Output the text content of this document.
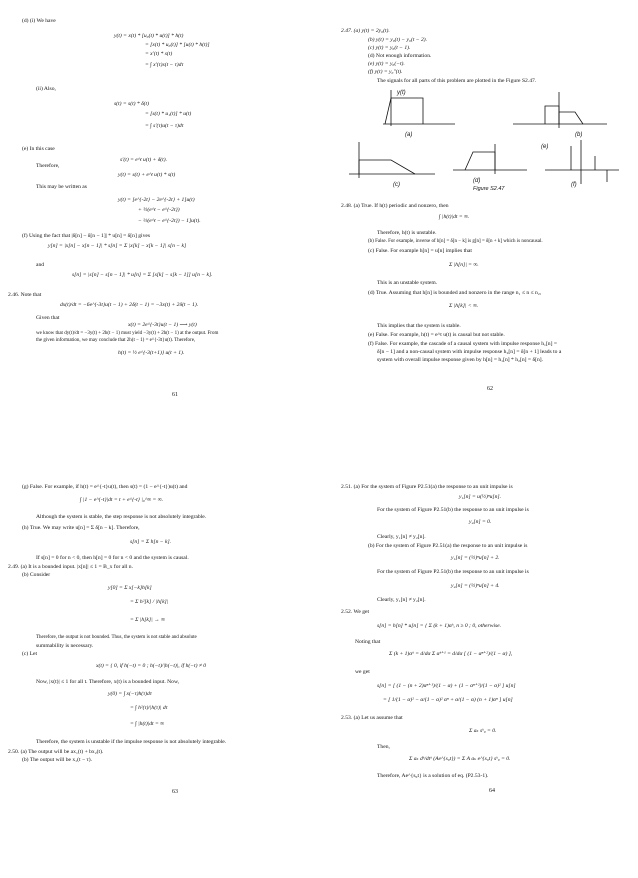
(d) (i) We have
y(t) = x(t) * [u₀(t) * u(t)] * h(t)
= [x(t) * u₀(t)] * [u(t) * h(t)]
= x′(t) * s(t)
= ∫ x′(τ)s(t − τ)dτ
(ii) Also,
s(t) = s(t) * δ(t)
= [s(t) * u₁(t)] * u(t)
= ∫ s′(τ)u(t − τ)dτ
(e) In this case
s′(t) = e^t u(t) + δ(t).
Therefore,
y(t) = s(t) + e^t u(t) * s(t)
This may be written as
y(t) = [e^{-2t} − 2e^{-2t} + 1]u(t)
+ ½(e^t − e^{-2t})
− ⅔(e^t − e^{-2t}) − 1]u(t).
(f) Using the fact that |δ[n] − δ[n − 1]| * u[n] = δ[n] gives
y[n] = |x[n] − x[n − 1]| * s[n] = Σ |x[k] − x[k − 1]| s[n − k]
and
s[n] = |s[n] − s[n − 1]| * u[n] = Σ [s[k] − s[k − 1]] u[n − k].
2.46. Note that
dx(t)/dt = −6e^{-3t}u(t − 1) + 2δ(t − 1) = −3x(t) + 2δ(t − 1).
Given that
x(t) = 2e^{-3t}u(t − 1) ⟶ y(t)
we know that dy(t)/dt = −3y(t) + 2h(t − 1) must yield −3y(t) + 2h(t − 1) at the output. From
the given information, we may conclude that 2h(t − 1) = e^{-3t}u(t). Therefore,
h(t) = ½ e^{-3(t+1)} u(t + 1).
61
2.47. (a) y(t) = 2y₀(t).
(b) y(t) = y₀(t) − y₀(t − 2).
(c) y(t) = y₀(t − 1).
(d) Not enough information.
(e) y(t) = y₀(−t).
(f) y(t) = y₀″(t).
The signals for all parts of this problem are plotted in the Figure S2.47.
y(t)
(a)	(b)
(c)
(d)
Figure S2.47
(f)
(e)
2.48. (a) True. If h(t) periodic and nonzero, then
∫ |h(t)|dt = ∞.
Therefore, h(t) is unstable.
(b) False. For example, inverse of h[n] = δ[n − k] is g[n] = δ[n + k] which is noncausal.
(c) False. For example h[n] = u[n] implies that
Σ |h[n]| = ∞.
This is an unstable system.
(d) True. Assuming that h[n] is bounded and nonzero in the range n₁ ≤ n ≤ n₂,
Σ |h[k]| < ∞.
This implies that the system is stable.
(e) False. For example, h(t) = e^t u(t) is causal but not stable.
(f) False. For example, the cascade of a causal system with impulse response h₁[n] =
δ[n − 1] and a non-causal system with impulse response h₂[n] = δ[n + 1] leads to a
system with overall impulse response given by h[n] = h₁[n] * h₂[n] = δ[n].
62
(g) False. For example, if h(t) = e^{-t}u(t), then s(t) = (1 − e^{-t})u(t) and
∫ |1 − e^{-t}|dt = t + e^{-t} |₀^∞ = ∞.
Although the system is stable, the step response is not absolutely integrable.
(h) True. We may write u[n] = Σ δ[n − k]. Therefore,
s[n] = Σ h[n − k].
If s[n] = 0 for n < 0, then h[n] = 0 for n < 0 and the system is causal.
2.49. (a) It is a bounded input. |x[n]| ≤ 1 = B_x for all n.
(b) Consider
y[0] = Σ x[−k]h[k]
= Σ h²[k] / |h[k]|
= Σ |h[k]| → ∞
Therefore, the output is not bounded. Thus, the system is not stable and absolute
summability is necessary.
(c) Let
x(t) = { 0, if h(−t) = 0 ; h(−t)/|h(−t)|, if h(−t) ≠ 0
Now, |x(t)| ≤ 1 for all t. Therefore, x(t) is a bounded input. Now,
y(0) = ∫ x(−τ)h(τ)dτ
= ∫ h²(τ)/|h(τ)| dτ
= ∫ |h(t)|dt = ∞
Therefore, the system is unstable if the impulse response is not absolutely integrable.
2.50. (a) The output will be ax₁(t) + bx₂(t).
(b) The output will be x₁(t − τ).
63
2.51. (a) For the system of Figure P2.51(a) the response to an unit impulse is
y₁[n] = u(½)ⁿu[n].
For the system of Figure P2.51(b) the response to an unit impulse is
y₂[n] = 0.
Clearly, y₁[n] ≠ y₂[n].
(b) For the system of Figure P2.51(a) the response to an unit impulse is
y₁[n] = (½)ⁿu[n] + 2.
For the system of Figure P2.51(b) the response to an unit impulse is
y₂[n] = (½)ⁿu[n] + 4.
Clearly, y₁[n] ≠ y₂[n].
2.52. We get
s[n] = h[n] * u[n] = { Σ (k + 1)αᵏ, n ≥ 0 ; 0, otherwise.
Noting that
Σ (k + 1)αᵏ = d/dα Σ αᵏ⁺¹ = d/dα [ (1 − αⁿ⁺²)/(1 − α) ],
we get
s[n] = [ (1 − (n + 2)αⁿ⁺¹)/(1 − α) + (1 − αⁿ⁺²)/(1 − α)² ] u[n]
= [ 1/(1 − α)² − α/(1 − α)² αⁿ + α/(1 − α) (n + 1)αⁿ ] u[n]
2.53. (a) Let us assume that
Σ aₖ sᵏ₀ = 0.
Then,
Σ aₖ dᵏ/dtᵏ (Ae^{s₀t}) = Σ A aₖ e^{s₀t} sᵏ₀ = 0.
Therefore, Ae^{s₀t} is a solution of eq. (P2.53-1).
64
